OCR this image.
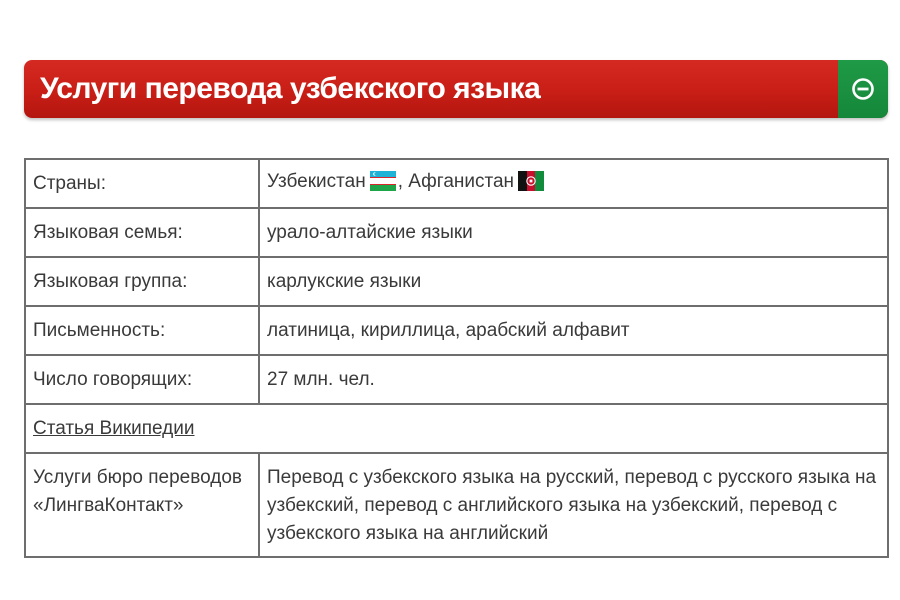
Услуги перевода узбекского языка
Страны:	Узбекистан , Афганистан
Языковая семья:	урало-алтайские языки
Языковая группа:	карлукские языки
Письменность:	латиница, кириллица, арабский алфавит
Число говорящих:	27 млн. чел.
Статья Википедии	
Услуги бюро переводов «ЛингваКонтакт»	Перевод с узбекского языка на русский, перевод с русского языка на узбекский, перевод с английского языка на узбекский, перевод с узбекского языка на английский
